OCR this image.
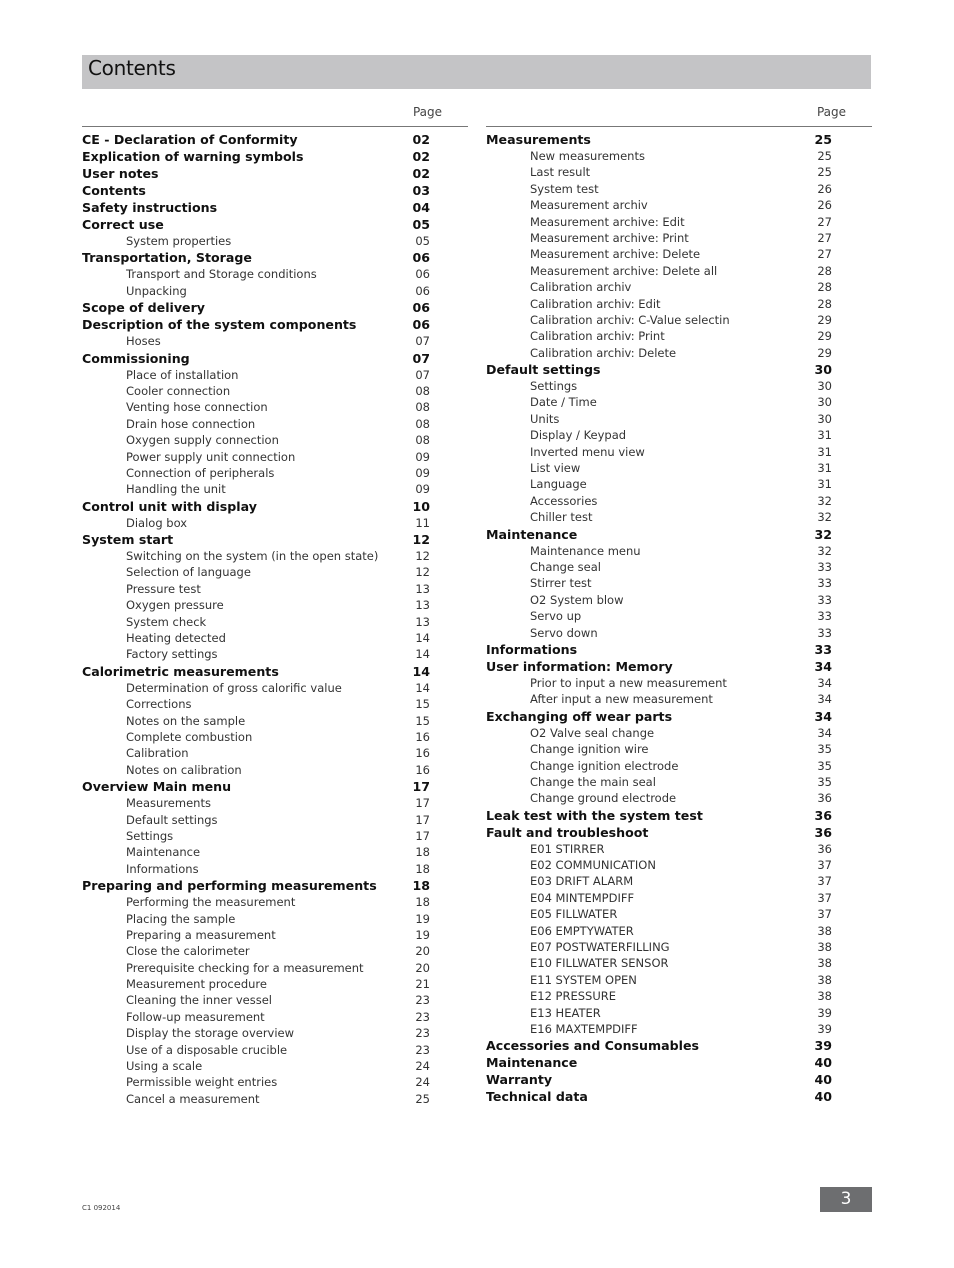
Contents
Page
CE - Declaration of Conformity	02
Explication of warning symbols	02
User notes	02
Contents	03
Safety instructions	04
Correct use	05
System properties	05
Transportation, Storage	06
Transport and Storage conditions	06
Unpacking	06
Scope of delivery	06
Description of the system components	06
Hoses	07
Commissioning	07
Place of installation	07
Cooler connection	08
Venting hose connection	08
Drain hose connection	08
Oxygen supply connection	08
Power supply unit connection	09
Connection of peripherals	09
Handling the unit	09
Control unit with display	10
Dialog box	11
System start	12
Switching on the system (in the open state)	12
Selection of language	12
Pressure test	13
Oxygen pressure	13
System check	13
Heating detected	14
Factory settings	14
Calorimetric measurements	14
Determination of gross calorific value	14
Corrections	15
Notes on the sample	15
Complete combustion	16
Calibration	16
Notes on calibration	16
Overview Main menu	17
Measurements	17
Default settings	17
Settings	17
Maintenance	18
Informations	18
Preparing and performing measurements	18
Performing the measurement	18
Placing the sample	19
Preparing a measurement	19
Close the calorimeter	20
Prerequisite checking for a measurement	20
Measurement procedure	21
Cleaning the inner vessel	23
Follow-up measurement	23
Display the storage overview	23
Use of a disposable crucible	23
Using a scale	24
Permissible weight entries	24
Cancel a measurement	25
Page
Measurements	25
New measurements	25
Last result	25
System test	26
Measurement archiv	26
Measurement archive: Edit	27
Measurement archive: Print	27
Measurement archive: Delete	27
Measurement archive: Delete all	28
Calibration archiv	28
Calibration archiv: Edit	28
Calibration archiv: C-Value selectin	29
Calibration archiv: Print	29
Calibration archiv: Delete	29
Default settings	30
Settings	30
Date / Time	30
Units	30
Display / Keypad	31
Inverted menu view	31
List view	31
Language	31
Accessories	32
Chiller test	32
Maintenance	32
Maintenance menu	32
Change seal	33
Stirrer test	33
O2 System blow	33
Servo up	33
Servo down	33
Informations	33
User information: Memory	34
Prior to input a new measurement	34
After input a new measurement	34
Exchanging off wear parts	34
O2 Valve seal change	34
Change ignition wire	35
Change ignition electrode	35
Change the main seal	35
Change ground electrode	36
Leak test with the system test	36
Fault and troubleshoot	36
E01 STIRRER	36
E02 COMMUNICATION	37
E03 DRIFT ALARM	37
E04 MINTEMPDIFF	37
E05 FILLWATER	37
E06 EMPTYWATER	38
E07 POSTWATERFILLING	38
E10 FILLWATER SENSOR	38
E11 SYSTEM OPEN	38
E12 PRESSURE	38
E13 HEATER	39
E16 MAXTEMPDIFF	39
Accessories and Consumables	39
Maintenance	40
Warranty	40
Technical data	40
C1 092014	3
